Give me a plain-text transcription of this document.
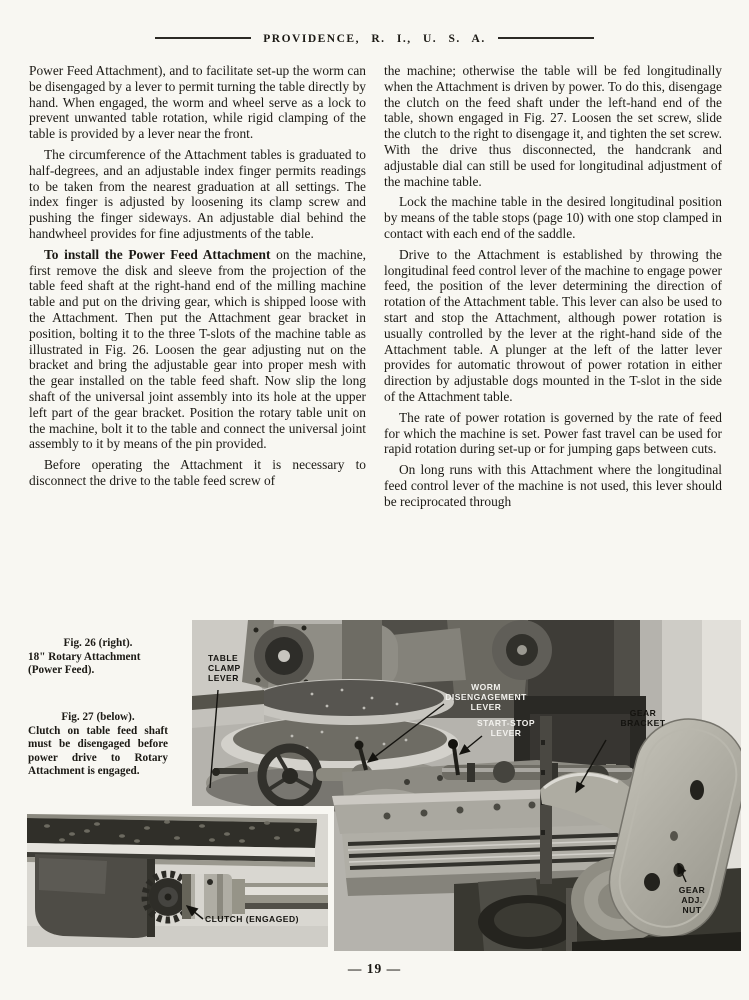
PROVIDENCE, R. I., U. S. A.

Power Feed Attachment), and to facilitate set-up the worm can be disengaged by a lever to permit turning the table directly by hand. When engaged, the worm and wheel serve as a lock to prevent unwanted table rotation, while rigid clamping of the table is provided by a lever near the front.

The circumference of the Attachment tables is graduated to half-degrees, and an adjustable index finger permits readings to be taken from the nearest graduation at all settings. The index finger is adjusted by loosening its clamp screw and pushing the finger sideways. An adjustable dial behind the handwheel provides for fine adjustments of the table.

To install the Power Feed Attachment on the machine, first remove the disk and sleeve from the projection of the table feed shaft at the right-hand end of the milling machine table and put on the driving gear, which is shipped loose with the Attachment. Then put the Attachment gear bracket in position, bolting it to the three T-slots of the machine table as illustrated in Fig. 26. Loosen the gear adjusting nut on the bracket and bring the adjustable gear into proper mesh with the gear installed on the table feed shaft. Now slip the long shaft of the universal joint assembly into its hole at the upper left part of the gear bracket. Position the rotary table unit on the machine, bolt it to the table and connect the universal joint assembly to it by means of the pin provided.

Before operating the Attachment it is necessary to disconnect the drive to the table feed screw of

the machine; otherwise the table will be fed longitudinally when the Attachment is driven by power. To do this, disengage the clutch on the feed shaft under the left-hand end of the table, shown engaged in Fig. 27. Loosen the set screw, slide the clutch to the right to disengage it, and tighten the set screw. With the drive thus disconnected, the handcrank and adjustable dial can still be used for longitudinal adjustment of the machine table.

Lock the machine table in the desired longitudinal position by means of the table stops (page 10) with one stop clamped in contact with each end of the saddle.

Drive to the Attachment is established by throwing the longitudinal feed control lever of the machine to engage power feed, the position of the lever determining the direction of rotation of the Attachment table. This lever can also be used to start and stop the Attachment, although power rotation is usually controlled by the lever at the right-hand side of the Attachment table. A plunger at the left of the latter lever provides for automatic throwout of power rotation in either direction by adjustable dogs mounted in the T-slot in the side of the Attachment table.

The rate of power rotation is governed by the rate of feed for which the machine is set. Power fast travel can be used for rapid rotation during set-up or for jumping gaps between cuts.

On long runs with this Attachment where the longitudinal feed control lever of the machine is not used, this lever should be reciprocated through

Fig. 26 (right).
18" Rotary Attachment
(Power Feed).
Fig. 27 (below).
Clutch on table feed shaft must be disengaged before power drive to Rotary Attachment is engaged.
TABLE
CLAMP
LEVER
WORM DISENGAGEMENT
LEVER
START-STOP
LEVER
GEAR
BRACKET
GEAR
ADJ.
NUT
CLUTCH (ENGAGED)
— 19 —
